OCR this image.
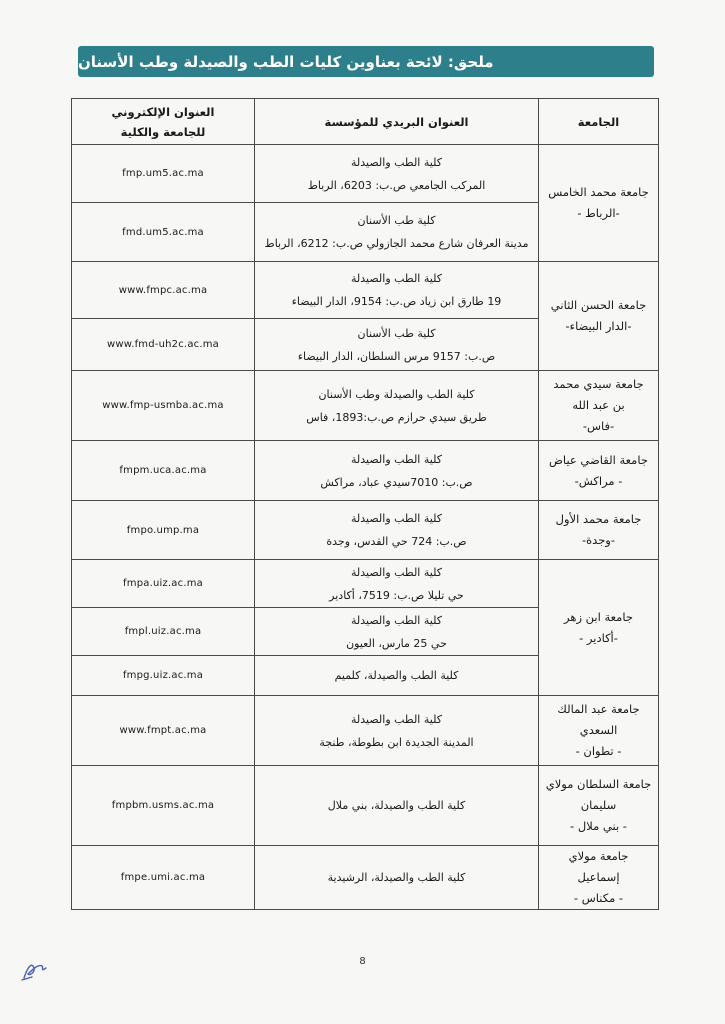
ملحق: لائحة بعناوين كليات الطب والصيدلة وطب الأسنان
الجامعة	العنوان البريدي للمؤسسة	العنوان الإلكتروني
للجامعة والكلية

جامعة محمد الخامس
-الرباط -	كلية الطب والصيدلة
المركب الجامعي ص.ب: 6203، الرباط	fmp.um5.ac.ma

	كلية طب الأسنان
مدينة العرفان شارع محمد الجازولي ص.ب: 6212، الرباط	fmd.um5.ac.ma

جامعة الحسن الثاني
-الدار البيضاء-	كلية الطب والصيدلة
19 طارق ابن زياد ص.ب: 9154، الدار البيضاء	www.fmpc.ac.ma

	كلية طب الأسنان
ص.ب: 9157 مرس السلطان، الدار البيضاء	www.fmd-uh2c.ac.ma

جامعة سيدي محمد
بن عبد الله
-فاس-	كلية الطب والصيدلة وطب الأسنان
طريق سيدي حرازم ص.ب:1893، فاس	www.fmp-usmba.ac.ma

جامعة القاضي عياض
- مراكش-	كلية الطب والصيدلة
ص.ب: 7010سيدي عباد، مراكش	fmpm.uca.ac.ma

جامعة محمد الأول
-وجدة-	كلية الطب والصيدلة
ص.ب: 724 حي القدس، وجدة	fmpo.ump.ma

جامعة ابن زهر
-أكادير -	كلية الطب والصيدلة
حي تليلا ص.ب: 7519، أكادير	fmpa.uiz.ac.ma

	كلية الطب والصيدلة
حي 25 مارس، العيون	fmpl.uiz.ac.ma

	كلية الطب والصيدلة، كلميم	fmpg.uiz.ac.ma

جامعة عبد المالك
السعدي
- تطوان -	كلية الطب والصيدلة
المدينة الجديدة ابن بطوطة، طنجة	www.fmpt.ac.ma

جامعة السلطان مولاي
سليمان
- بني ملال -	كلية الطب والصيدلة، بني ملال	fmpbm.usms.ac.ma

جامعة مولاي
إسماعيل
- مكناس -	كلية الطب والصيدلة، الرشيدية	fmpe.umi.ac.ma
8
